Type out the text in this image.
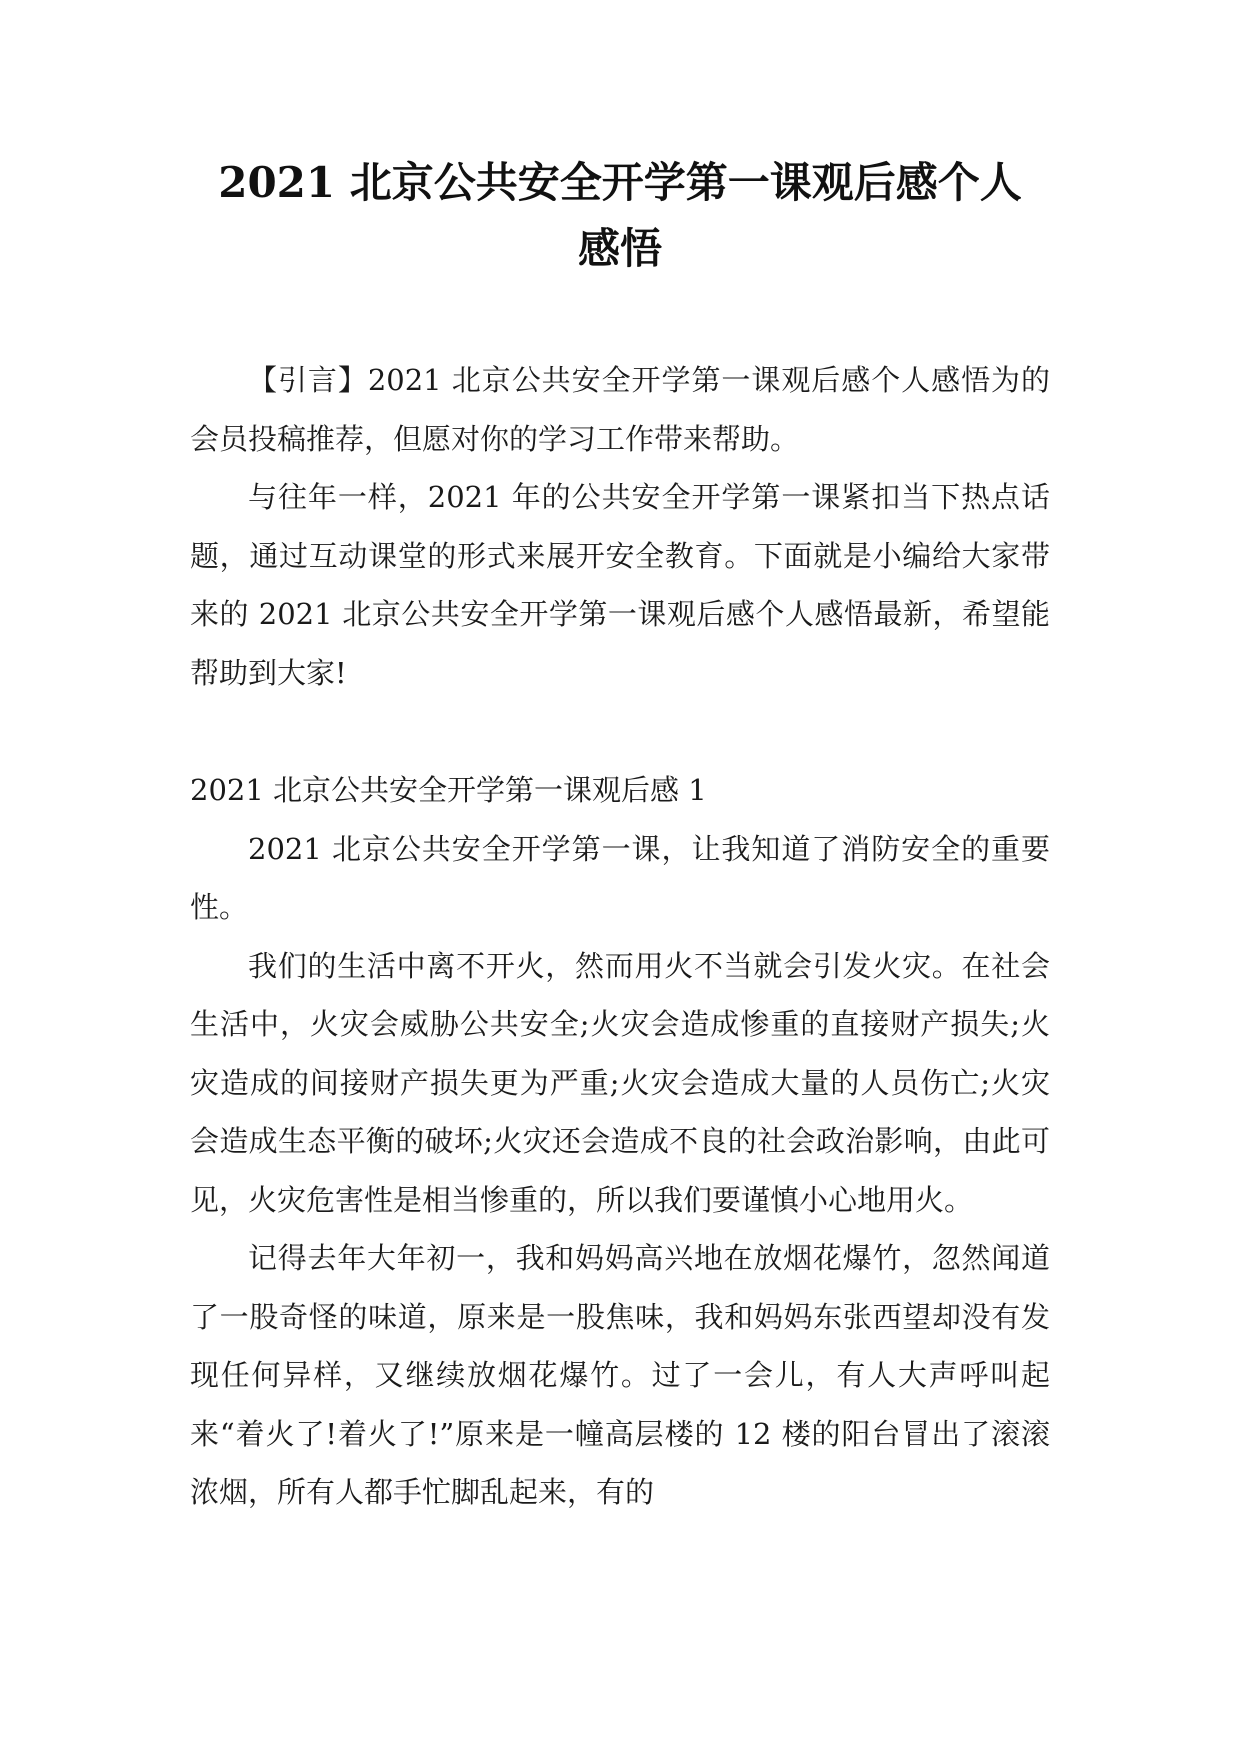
2021 北京公共安全开学第一课观后感个人
感悟

【引言】2021 北京公共安全开学第一课观后感个人感悟为的会员投稿推荐，但愿对你的学习工作带来帮助。

与往年一样，2021 年的公共安全开学第一课紧扣当下热点话题，通过互动课堂的形式来展开安全教育。下面就是小编给大家带来的 2021 北京公共安全开学第一课观后感个人感悟最新，希望能帮助到大家!

2021 北京公共安全开学第一课观后感 1

2021 北京公共安全开学第一课，让我知道了消防安全的重要性。

我们的生活中离不开火，然而用火不当就会引发火灾。在社会生活中，火灾会威胁公共安全;火灾会造成惨重的直接财产损失;火灾造成的间接财产损失更为严重;火灾会造成大量的人员伤亡;火灾会造成生态平衡的破坏;火灾还会造成不良的社会政治影响，由此可见，火灾危害性是相当惨重的，所以我们要谨慎小心地用火。

记得去年大年初一，我和妈妈高兴地在放烟花爆竹，忽然闻道了一股奇怪的味道，原来是一股焦味，我和妈妈东张西望却没有发现任何异样，又继续放烟花爆竹。过了一会儿，有人大声呼叫起来“着火了!着火了!”原来是一幢高层楼的 12 楼的阳台冒出了滚滚浓烟，所有人都手忙脚乱起来，有的
